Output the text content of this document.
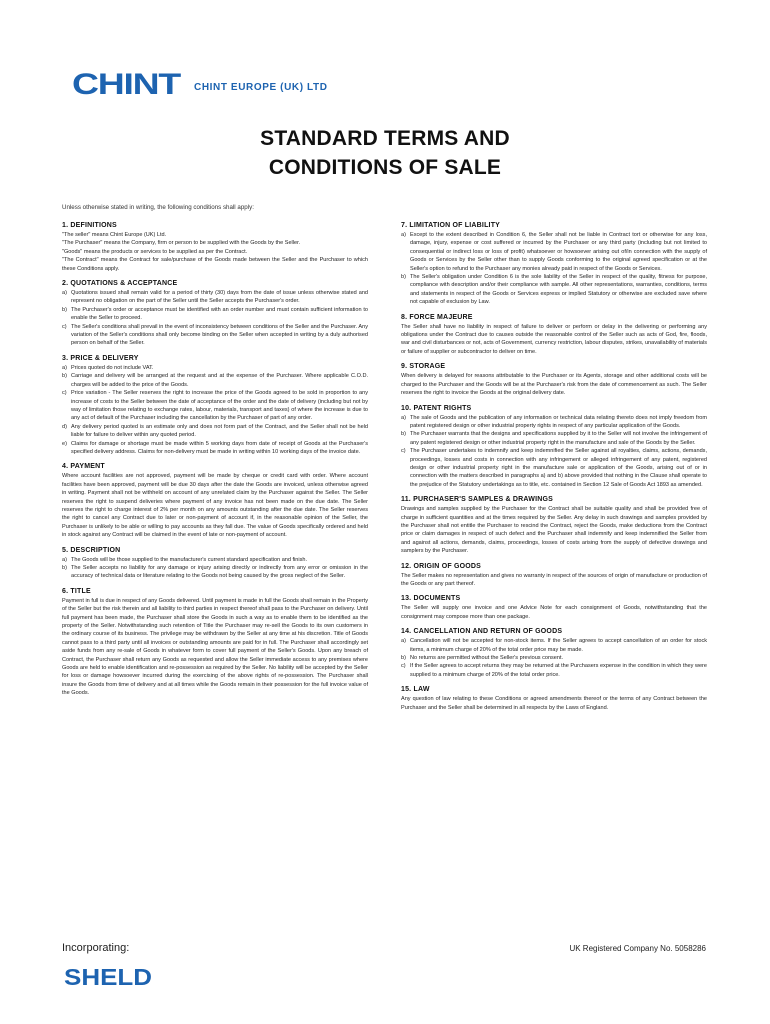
CHINT CHINT EUROPE (UK) LTD
STANDARD TERMS AND
CONDITIONS OF SALE
Unless otherwise stated in writing, the following conditions shall apply:
1. DEFINITIONS

"The seller" means Chint Europe (UK) Ltd.

"The Purchaser" means the Company, firm or person to be supplied with the Goods by the Seller.

"Goods" means the products or services to be supplied as per the Contract.

"The Contract" means the Contract for sale/purchase of the Goods made between the Seller and the Purchaser to which these Conditions apply.

2. QUOTATIONS & ACCEPTANCE
a) Quotations issued shall remain valid for a period of thirty (30) days from the date of issue unless otherwise stated and represent no obligation on the part of the Seller until the Seller accepts the Purchaser's order.
b) The Purchaser's order or acceptance must be identified with an order number and must contain sufficient information to enable the Seller to proceed.
c) The Seller's conditions shall prevail in the event of inconsistency between conditions of the Seller and the Purchaser. Any variation of the Seller's conditions shall only become binding on the Seller when accepted in writing by a duly authorised person on behalf of the Seller.
3. PRICE & DELIVERY
a) Prices quoted do not include VAT.
b) Carriage and delivery will be arranged at the request and at the expense of the Purchaser. Where applicable C.O.D. charges will be added to the price of the Goods.
c) Price variation - The Seller reserves the right to increase the price of the Goods agreed to be sold in proportion to any increase of costs to the Seller between the date of acceptance of the order and the date of delivery (including but not by way of limitation those relating to exchange rates, labour, materials, transport and taxes) of where the increase is due to any act of default of the Purchaser including the cancellation by the Purchaser of part of any order.
d) Any delivery period quoted is an estimate only and does not form part of the Contract, and the Seller shall not be held liable for failure to deliver within any quoted period.
e) Claims for damage or shortage must be made within 5 working days from date of receipt of Goods at the Purchaser's specified delivery address. Claims for non-delivery must be made in writing within 10 working days of the invoice date.
4. PAYMENT

Where account facilities are not approved, payment will be made by cheque or credit card with order. Where account facilities have been approved, payment will be due 30 days after the date the Goods are invoiced, unless otherwise agreed in writing. Payment shall not be withheld on account of any unrelated claim by the Purchaser against the Seller. The Seller reserves the right to suspend deliveries where payment of any invoice has not been made on the due date. The Seller reserves the right to charge interest of 2% per month on any amounts outstanding after the due date. The Seller reserves the right to cancel any Contract due to later or non-payment of account if, in the reasonable opinion of the Seller, the Purchaser is unlikely to be able or willing to pay accounts as they fall due. The value of Goods specifically ordered and held in stock against any Contract will be claimed in the event of late or non-payment of account.

5. DESCRIPTION
a) The Goods will be those supplied to the manufacturer's current standard specification and finish.
b) The Seller accepts no liability for any damage or injury arising directly or indirectly from any error or omission in the accuracy of technical data or literature relating to the Goods not being caused by the gross neglect of the Seller.
6. TITLE

Payment in full is due in respect of any Goods delivered. Until payment is made in full the Goods shall remain in the Property of the Seller but the risk therein and all liability to third parties in respect thereof shall pass to the Purchaser on delivery. Until full payment has been made, the Purchaser shall store the Goods in such a way as to enable them to be identified as the property of the Seller. Notwithstanding such retention of Title the Purchaser may re-sell the Goods to its own customers in the ordinary course of its business. The privilege may be withdrawn by the Seller at any time at his discretion. Title of Goods cannot pass to a third party until all invoices or outstanding amounts are paid for in full. The Purchaser shall accordingly set aside funds from any re-sale of Goods in whatever form to cover full payment of the Seller's Goods. Upon any breach of Contract, the Purchaser shall return any Goods as requested and allow the Seller immediate access to any premises where Goods are held to enable identification and re-possession as required by the Seller. No liability will be accepted by the Seller for loss or damage howsoever incurred during the exercising of the above rights of re-possession. The Purchaser shall insure the Goods from time of delivery and at all times while the Goods remain in their possession for the full invoice value of the Goods.

7. LIMITATION OF LIABILITY
a) Except to the extent described in Condition 6, the Seller shall not be liable in Contract tort or otherwise for any loss, damage, injury, expense or cost suffered or incurred by the Purchaser or any third party (including but not limited to consequential or indirect loss or loss of profit) whatsoever or howsoever arising out of/in connection with the supply of Goods or Services by the Seller other than to supply Goods conforming to the original agreed specification or at the Seller's option to refund to the Purchaser any monies already paid in respect of the Goods or Services.
b) The Seller's obligation under Condition 6 is the sole liability of the Seller in respect of the quality, fitness for purpose, compliance with description and/or their compliance with sample. All other representations, warranties, conditions, terms and statements in respect of the Goods or Services express or implied Statutory or otherwise are excluded save where not capable of exclusion by Law.
8. FORCE MAJEURE

The Seller shall have no liability in respect of failure to deliver or perform or delay in the delivering or performing any obligations under the Contract due to causes outside the reasonable control of the Seller such as acts of God, fire, floods, war and civil disturbances or not, acts of Government, currency restriction, labour disputes, strikes, unavailability of materials or failure of supplier or subcontractor to deliver on time.

9. STORAGE

When delivery is delayed for reasons attributable to the Purchaser or its Agents, storage and other additional costs will be charged to the Purchaser and the Goods will be at the Purchaser's risk from the date of commencement as such. The Seller reserves the right to invoice the Goods at the original delivery date.

10. PATENT RIGHTS
a) The sale of Goods and the publication of any information or technical data relating thereto does not imply freedom from patent registered design or other industrial property rights in respect of any particular application of the Goods.
b) The Purchaser warrants that the designs and specifications supplied by it to the Seller will not involve the infringement of any patent registered design or other industrial property right in the manufacture and sale of the Goods by the Seller.
c) The Purchaser undertakes to indemnify and keep indemnified the Seller against all royalties, claims, actions, demands, proceedings, losses and costs in connection with any infringement or alleged infringement of any patent, registered design or other industrial property right in the manufacture sale or application of the Goods, arising out of or in connection with the matters described in paragraphs a) and b) above provided that nothing in the Clause shall operate to the prejudice of the Statutory undertakings as to title, etc. contained in Section 12 Sale of Goods Act 1893 as amended.
11. PURCHASER'S SAMPLES & DRAWINGS

Drawings and samples supplied by the Purchaser for the Contract shall be suitable quality and shall be provided free of charge in sufficient quantities and at the times required by the Seller. Any delay in such drawings and samples provided by the Purchaser shall not entitle the Purchaser to rescind the Contract, reject the Goods, make deductions from the Contract price or claim damages in respect of such defect and the Purchaser shall indemnify and keep indemnified the Seller from and against all actions, demands, claims, proceedings, losses of costs arising from the supply of defective drawings and samplers by the Purchaser.

12. ORIGIN OF GOODS

The Seller makes no representation and gives no warranty in respect of the sources of origin of manufacture or production of the Goods or any part thereof.

13. DOCUMENTS

The Seller will supply one invoice and one Advice Note for each consignment of Goods, notwithstanding that the consignment may compose more than one package.

14. CANCELLATION AND RETURN OF GOODS
a) Cancellation will not be accepted for non-stock items. If the Seller agrees to accept cancellation of an order for stock items, a minimum charge of 20% of the total order price may be made.
b) No returns are permitted without the Seller's previous consent.
c) If the Seller agrees to accept returns they may be returned at the Purchasers expense in the condition in which they were supplied to a minimum charge of 20% of the total order price.
15. LAW

Any question of law relating to these Conditions or agreed amendments thereof or the terms of any Contract between the Purchaser and the Seller shall be determined in all respects by the Laws of England.

Incorporating:
SHELD
UK Registered Company No. 5058286
